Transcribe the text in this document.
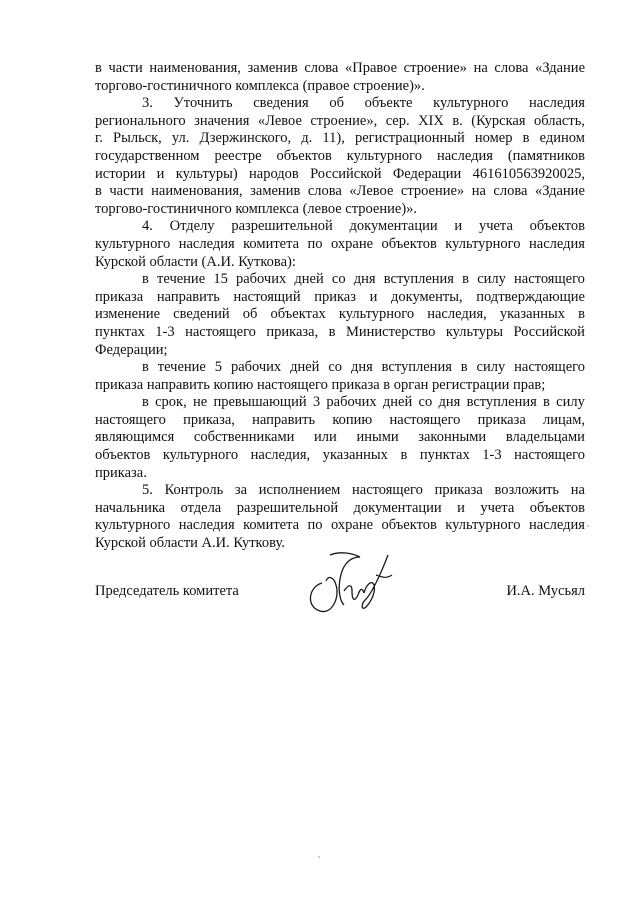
в части наименования, заменив слова «Правое строение» на слова «Здание
торгово-гостиничного комплекса (правое строение)».
3. Уточнить сведения об объекте культурного наследия
регионального значения «Левое строение», сер. XIX в. (Курская область,
г. Рыльск, ул. Дзержинского, д. 11), регистрационный номер в едином
государственном реестре объектов культурного наследия (памятников
истории и культуры) народов Российской Федерации 461610563920025,
в части наименования, заменив слова «Левое строение» на слова «Здание
торгово-гостиничного комплекса (левое строение)».
4. Отделу разрешительной документации и учета объектов
культурного наследия комитета по охране объектов культурного наследия
Курской области (А.И. Куткова):
в течение 15 рабочих дней со дня вступления в силу настоящего
приказа направить настоящий приказ и документы, подтверждающие
изменение сведений об объектах культурного наследия, указанных в
пунктах 1-3 настоящего приказа, в Министерство культуры Российской
Федерации;
в течение 5 рабочих дней со дня вступления в силу настоящего
приказа направить копию настоящего приказа в орган регистрации прав;
в срок, не превышающий 3 рабочих дней со дня вступления в силу
настоящего приказа, направить копию настоящего приказа лицам,
являющимся собственниками или иными законными владельцами
объектов культурного наследия, указанных в пунктах 1-3 настоящего
приказа.
5. Контроль за исполнением настоящего приказа возложить на
начальника отдела разрешительной документации и учета объектов
культурного наследия комитета по охране объектов культурного наследия
Курской области А.И. Куткову.
Председатель комитета	И.А. Мусьял
